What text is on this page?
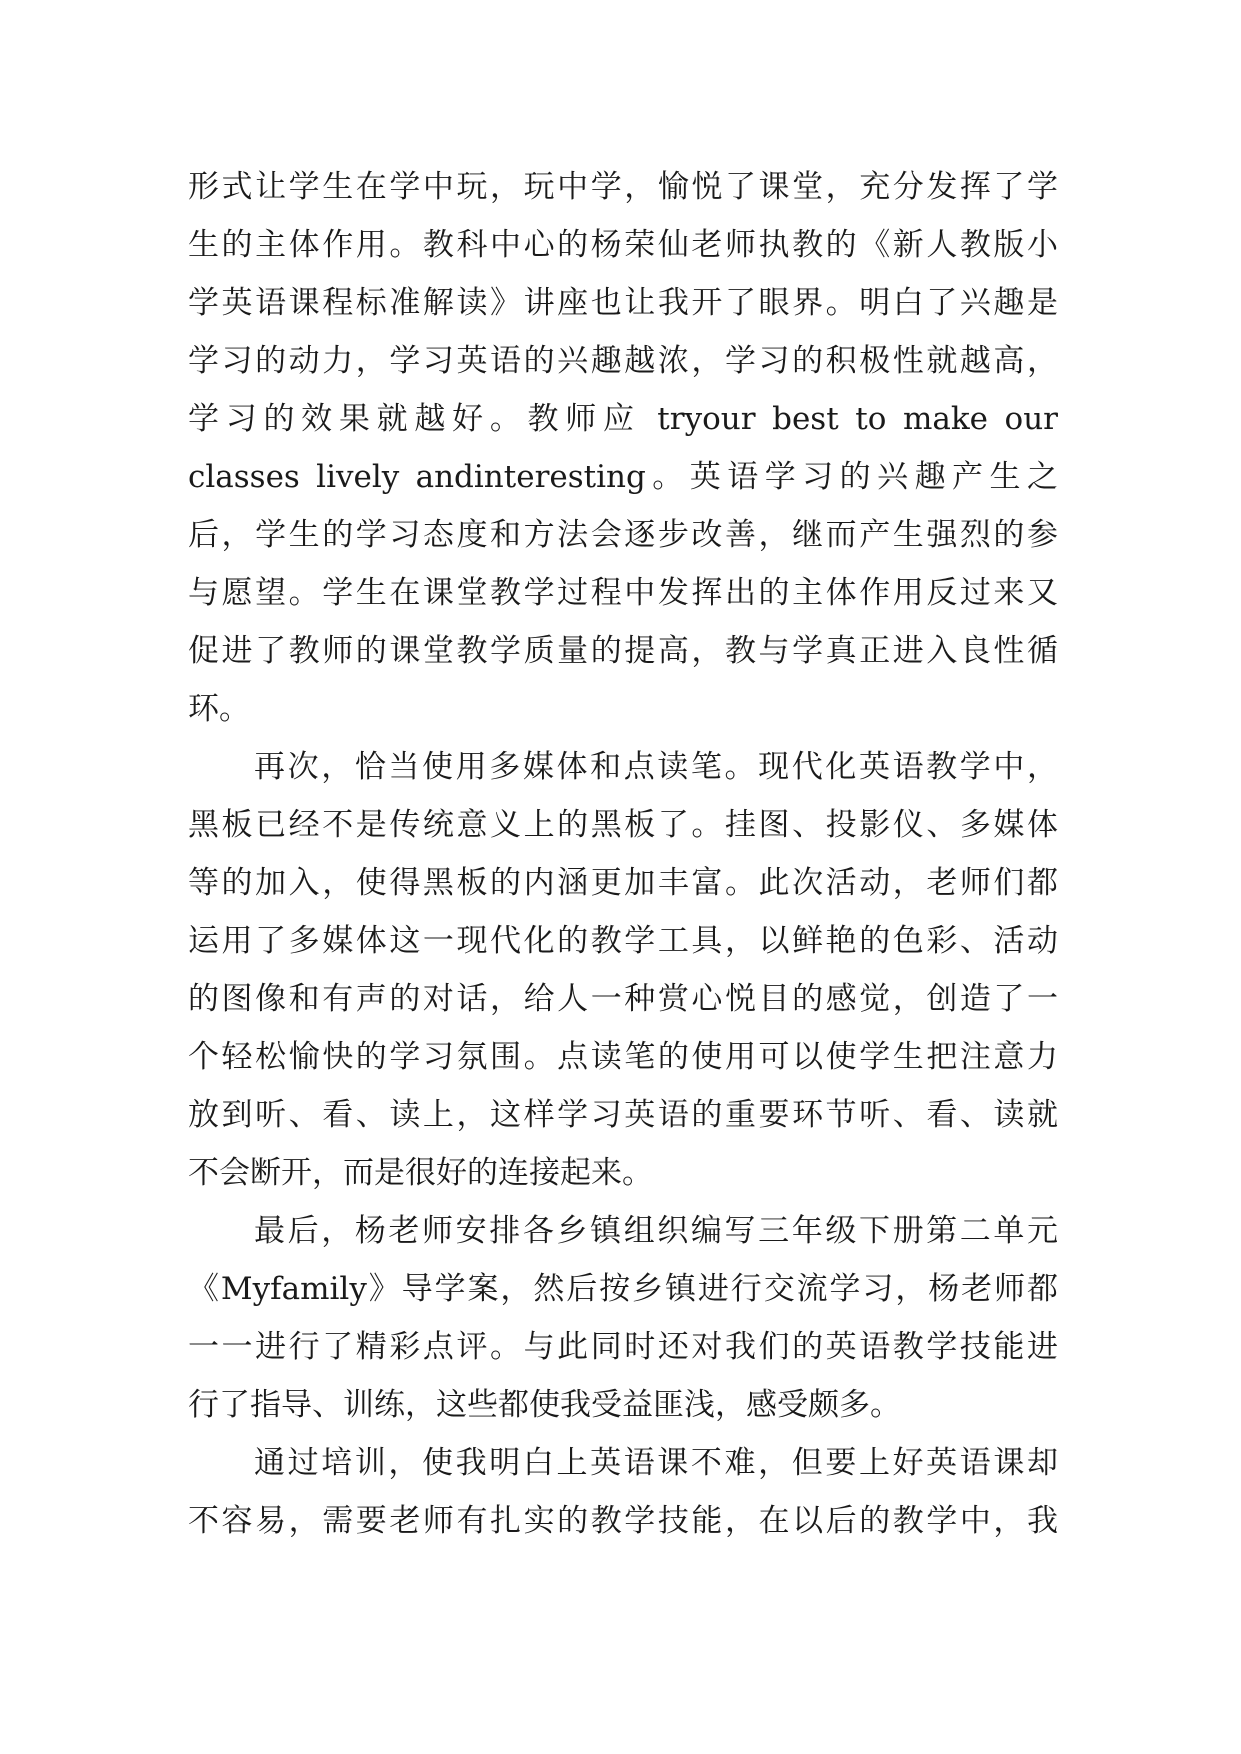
形式让学生在学中玩，玩中学，愉悦了课堂，充分发挥了学
生的主体作用。教科中心的杨荣仙老师执教的《新人教版小
学英语课程标准解读》讲座也让我开了眼界。明白了兴趣是
学习的动力，学习英语的兴趣越浓，学习的积极性就越高，
学习的效果就越好。教师应 tryour best to make our
classes lively andinteresting。英语学习的兴趣产生之
后，学生的学习态度和方法会逐步改善，继而产生强烈的参
与愿望。学生在课堂教学过程中发挥出的主体作用反过来又
促进了教师的课堂教学质量的提高，教与学真正进入良性循
环。
再次，恰当使用多媒体和点读笔。现代化英语教学中，
黑板已经不是传统意义上的黑板了。挂图、投影仪、多媒体
等的加入，使得黑板的内涵更加丰富。此次活动，老师们都
运用了多媒体这一现代化的教学工具，以鲜艳的色彩、活动
的图像和有声的对话，给人一种赏心悦目的感觉，创造了一
个轻松愉快的学习氛围。点读笔的使用可以使学生把注意力
放到听、看、读上，这样学习英语的重要环节听、看、读就
不会断开，而是很好的连接起来。
最后，杨老师安排各乡镇组织编写三年级下册第二单元
《Myfamily》导学案，然后按乡镇进行交流学习，杨老师都
一一进行了精彩点评。与此同时还对我们的英语教学技能进
行了指导、训练，这些都使我受益匪浅，感受颇多。
通过培训，使我明白上英语课不难，但要上好英语课却
不容易，需要老师有扎实的教学技能，在以后的教学中，我
